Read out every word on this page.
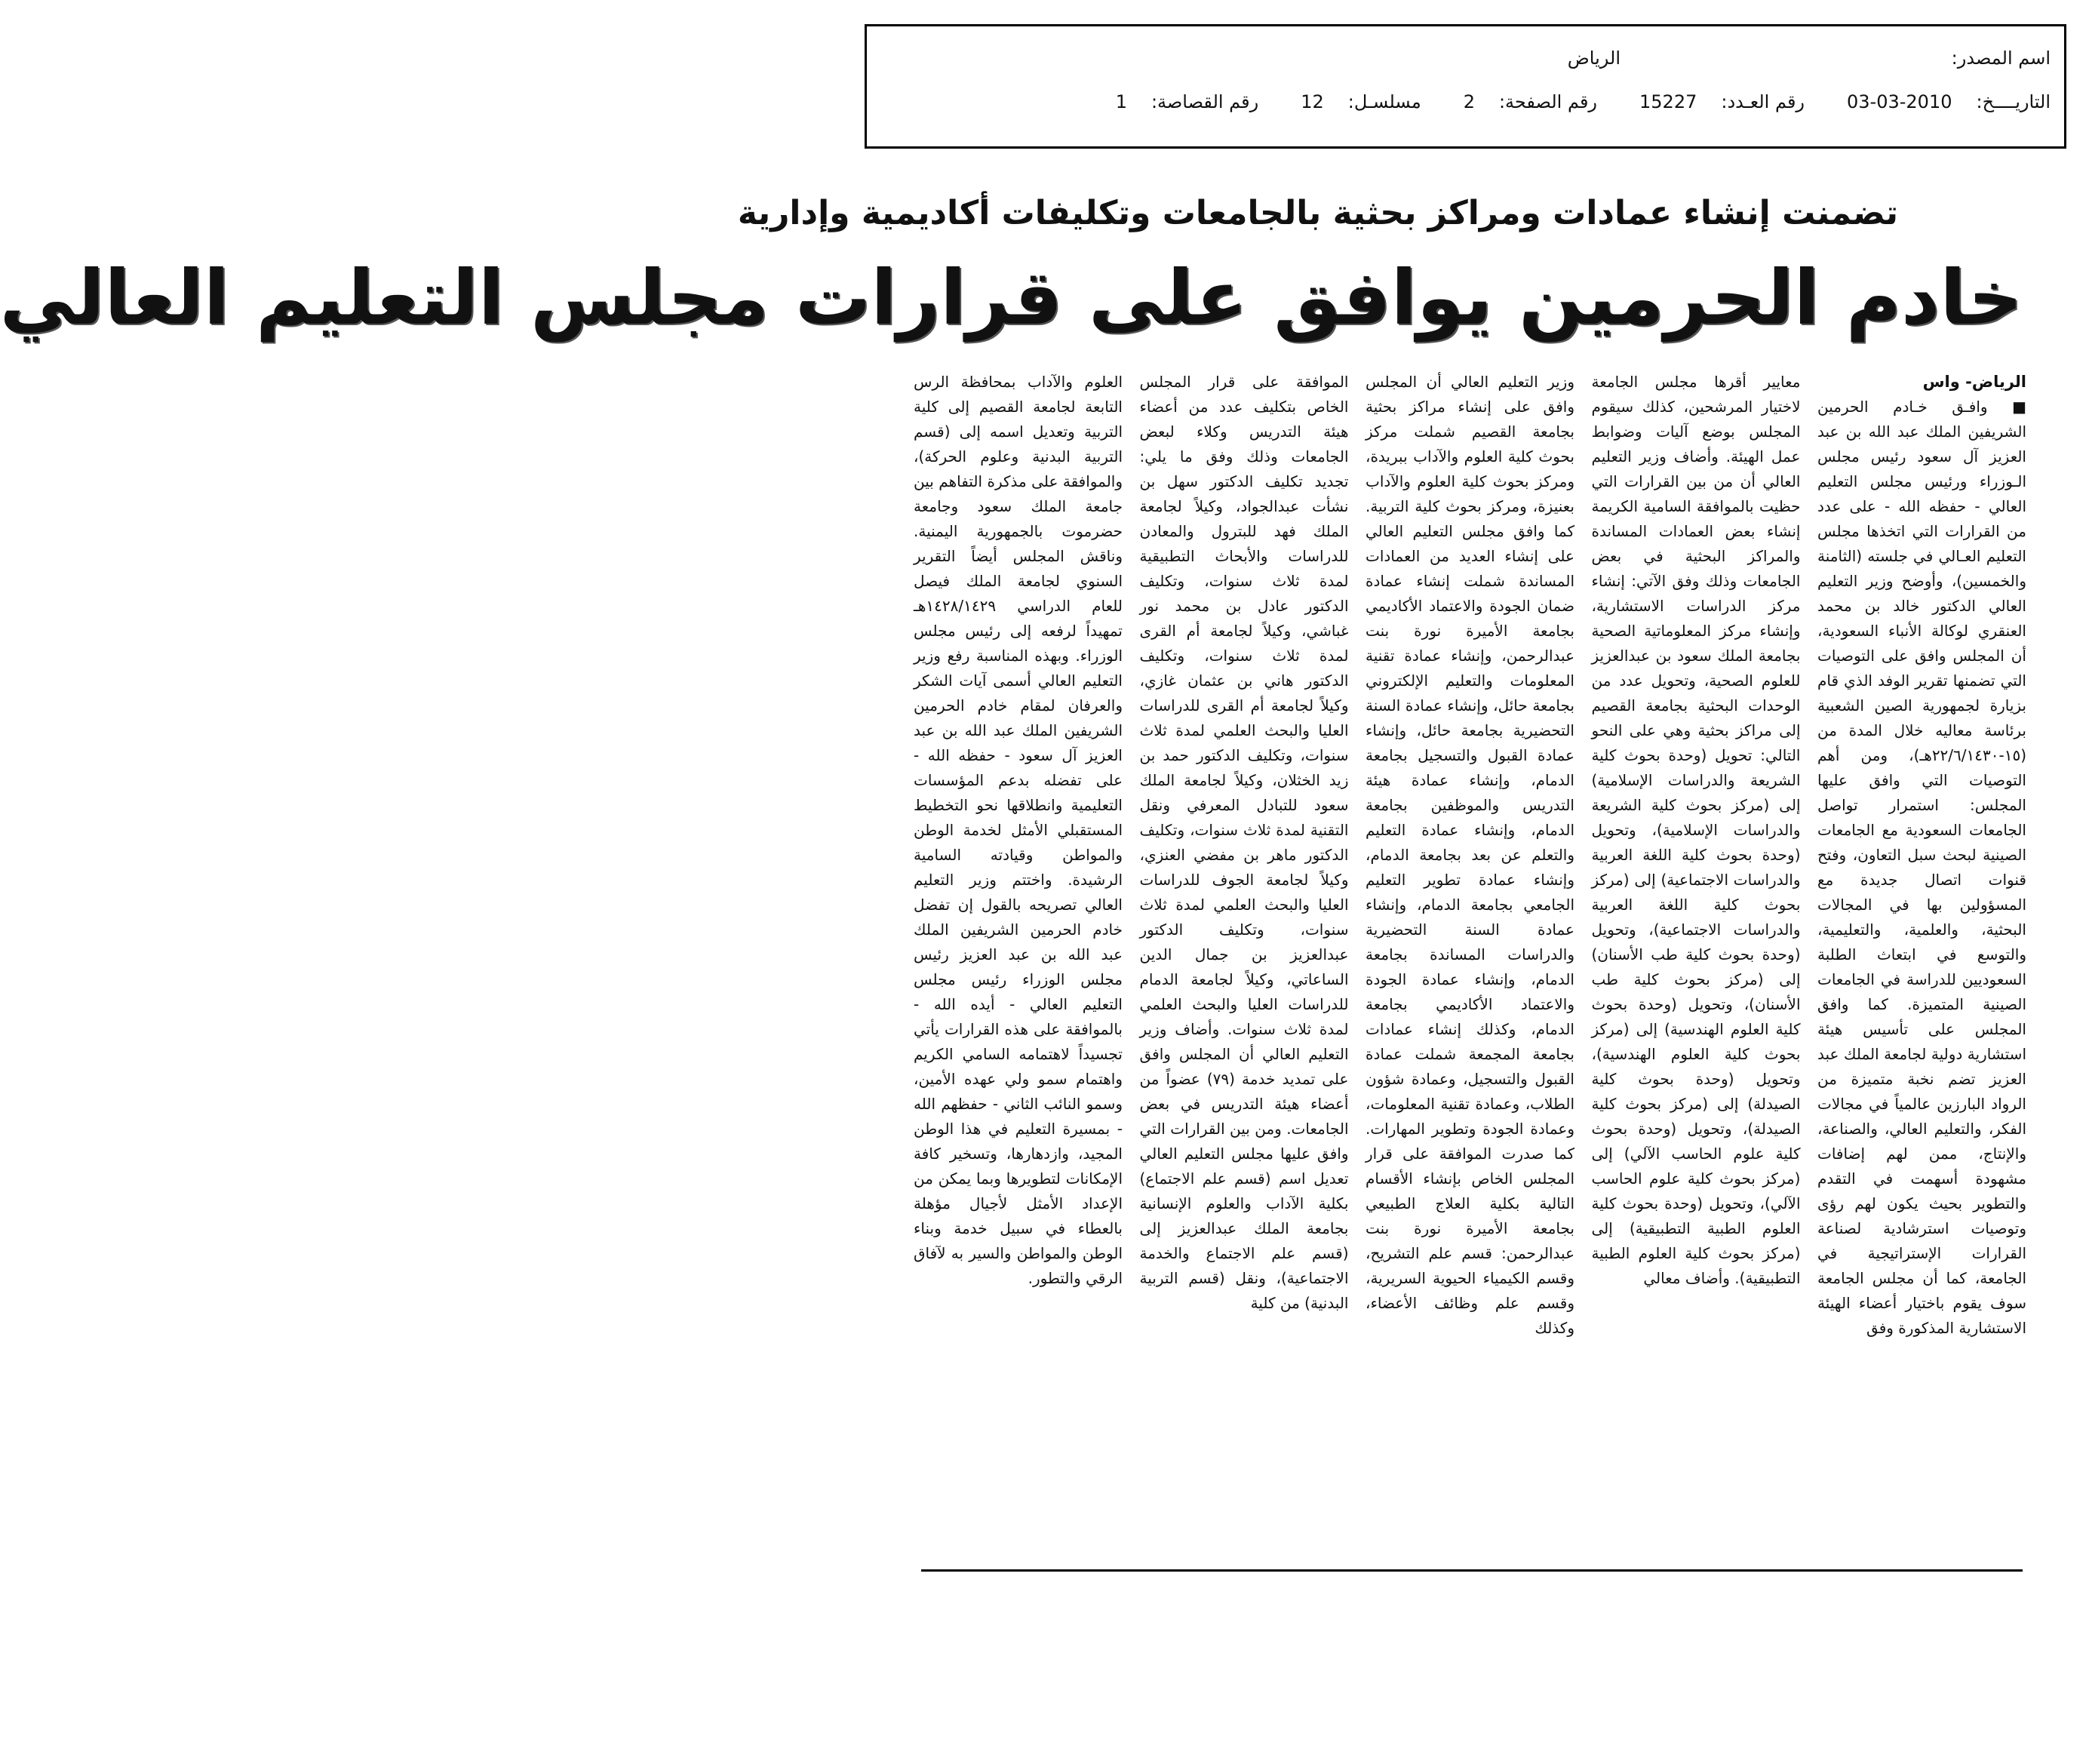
اسم المصدر:
الرياض
التاريــــخ:
03-03-2010
رقم العـدد:
15227
رقم الصفحة:
2
مسلسـل:
12
رقم القصاصة:
1
تضمنت إنشاء عمادات ومراكز بحثية بالجامعات وتكليفات أكاديمية وإدارية
خادم الحرمين يوافق على قرارات مجلس التعليم العالي
الرياض- واس
■ وافـق خـادم الحرمين الشريفين الملك عبد الله بن عبد العزيز آل سعود رئيس مجلس الـوزراء ورئيس مجلس التعليم العالي - حفظه الله - على عدد من القرارات التي اتخذها مجلس التعليم العـالي في جلسته (الثامنة والخمسين)، وأوضح وزير التعليم العالي الدكتور خالد بن محمد العنقري لوكالة الأنباء السعودية، أن المجلس وافق على التوصيات التي تضمنها تقرير الوفد الذي قام بزيارة لجمهورية الصين الشعبية برئاسة معاليه خلال المدة من (١٥-٢٢/٦/١٤٣٠هـ)، ومن أهم التوصيات التي وافق عليها المجلس: استمرار تواصل الجامعات السعودية مع الجامعات الصينية لبحث سبل التعاون، وفتح قنوات اتصال جديدة مع المسؤولين بها في المجالات البحثية، والعلمية، والتعليمية، والتوسع في ابتعاث الطلبة السعوديين للدراسة في الجامعات الصينية المتميزة. كما وافق المجلس على تأسيس هيئة استشارية دولية لجامعة الملك عبد العزيز تضم نخبة متميزة من الرواد البارزين عالمياً في مجالات الفكر، والتعليم العالي، والصناعة، والإنتاج، ممن لهم إضافات مشهودة أسهمت في التقدم والتطوير بحيث يكون لهم رؤى وتوصيات استرشادية لصناعة القرارات الإستراتيجية في الجامعة، كما أن مجلس الجامعة سوف يقوم باختيار أعضاء الهيئة الاستشارية المذكورة وفق
معايير أقرها مجلس الجامعة لاختيار المرشحين، كذلك سيقوم المجلس بوضع آليات وضوابط عمل الهيئة. وأضاف وزير التعليم العالي أن من بين القرارات التي حظيت بالموافقة السامية الكريمة إنشاء بعض العمادات المساندة والمراكز البحثية في بعض الجامعات وذلك وفق الآتي: إنشاء مركز الدراسات الاستشارية، وإنشاء مركز المعلوماتية الصحية بجامعة الملك سعود بن عبدالعزيز للعلوم الصحية، وتحويل عدد من الوحدات البحثية بجامعة القصيم إلى مراكز بحثية وهي على النحو التالي: تحويل (وحدة بحوث كلية الشريعة والدراسات الإسلامية) إلى (مركز بحوث كلية الشريعة والدراسات الإسلامية)، وتحويل (وحدة بحوث كلية اللغة العربية والدراسات الاجتماعية) إلى (مركز بحوث كلية اللغة العربية والدراسات الاجتماعية)، وتحويل (وحدة بحوث كلية طب الأسنان) إلى (مركز بحوث كلية طب الأسنان)، وتحويل (وحدة بحوث كلية العلوم الهندسية) إلى (مركز بحوث كلية العلوم الهندسية)، وتحويل (وحدة بحوث كلية الصيدلة) إلى (مركز بحوث كلية الصيدلة)، وتحويل (وحدة بحوث كلية علوم الحاسب الآلي) إلى (مركز بحوث كلية علوم الحاسب الآلي)، وتحويل (وحدة بحوث كلية العلوم الطبية التطبيقية) إلى (مركز بحوث كلية العلوم الطبية التطبيقية). وأضاف معالي
وزير التعليم العالي أن المجلس وافق على إنشاء مراكز بحثية بجامعة القصيم شملت مركز بحوث كلية العلوم والآداب ببريدة، ومركز بحوث كلية العلوم والآداب بعنيزة، ومركز بحوث كلية التربية. كما وافق مجلس التعليم العالي على إنشاء العديد من العمادات المساندة شملت إنشاء عمادة ضمان الجودة والاعتماد الأكاديمي بجامعة الأميرة نورة بنت عبدالرحمن، وإنشاء عمادة تقنية المعلومات والتعليم الإلكتروني بجامعة حائل، وإنشاء عمادة السنة التحضيرية بجامعة حائل، وإنشاء عمادة القبول والتسجيل بجامعة الدمام، وإنشاء عمادة هيئة التدريس والموظفين بجامعة الدمام، وإنشاء عمادة التعليم والتعلم عن بعد بجامعة الدمام، وإنشاء عمادة تطوير التعليم الجامعي بجامعة الدمام، وإنشاء عمادة السنة التحضيرية والدراسات المساندة بجامعة الدمام، وإنشاء عمادة الجودة والاعتماد الأكاديمي بجامعة الدمام، وكذلك إنشاء عمادات بجامعة المجمعة شملت عمادة القبول والتسجيل، وعمادة شؤون الطلاب، وعمادة تقنية المعلومات، وعمادة الجودة وتطوير المهارات. كما صدرت الموافقة على قرار المجلس الخاص بإنشاء الأقسام التالية بكلية العلاج الطبيعي بجامعة الأميرة نورة بنت عبدالرحمن: قسم علم التشريح، وقسم الكيمياء الحيوية السريرية، وقسم علم وظائف الأعضاء، وكذلك
الموافقة على قرار المجلس الخاص بتكليف عدد من أعضاء هيئة التدريس وكلاء لبعض الجامعات وذلك وفق ما يلي: تجديد تكليف الدكتور سهل بن نشأت عبدالجواد، وكيلاً لجامعة الملك فهد للبترول والمعادن للدراسات والأبحاث التطبيقية لمدة ثلاث سنوات، وتكليف الدكتور عادل بن محمد نور غباشي، وكيلاً لجامعة أم القرى لمدة ثلاث سنوات، وتكليف الدكتور هاني بن عثمان غازي، وكيلاً لجامعة أم القرى للدراسات العليا والبحث العلمي لمدة ثلاث سنوات، وتكليف الدكتور حمد بن زيد الخثلان، وكيلاً لجامعة الملك سعود للتبادل المعرفي ونقل التقنية لمدة ثلاث سنوات، وتكليف الدكتور ماهر بن مفضي العنزي، وكيلاً لجامعة الجوف للدراسات العليا والبحث العلمي لمدة ثلاث سنوات، وتكليف الدكتور عبدالعزيز بن جمال الدين الساعاتي، وكيلاً لجامعة الدمام للدراسات العليا والبحث العلمي لمدة ثلاث سنوات. وأضاف وزير التعليم العالي أن المجلس وافق على تمديد خدمة (٧٩) عضواً من أعضاء هيئة التدريس في بعض الجامعات. ومن بين القرارات التي وافق عليها مجلس التعليم العالي تعديل اسم (قسم علم الاجتماع) بكلية الآداب والعلوم الإنسانية بجامعة الملك عبدالعزيز إلى (قسم علم الاجتماع والخدمة الاجتماعية)، ونقل (قسم التربية البدنية) من كلية
العلوم والآداب بمحافظة الرس التابعة لجامعة القصيم إلى كلية التربية وتعديل اسمه إلى (قسم التربية البدنية وعلوم الحركة)، والموافقة على مذكرة التفاهم بين جامعة الملك سعود وجامعة حضرموت بالجمهورية اليمنية. وناقش المجلس أيضاً التقرير السنوي لجامعة الملك فيصل للعام الدراسي ١٤٢٨/١٤٢٩هـ تمهيداً لرفعه إلى رئيس مجلس الوزراء. وبهذه المناسبة رفع وزير التعليم العالي أسمى آيات الشكر والعرفان لمقام خادم الحرمين الشريفين الملك عبد الله بن عبد العزيز آل سعود - حفظه الله - على تفضله بدعم المؤسسات التعليمية وانطلاقها نحو التخطيط المستقبلي الأمثل لخدمة الوطن والمواطن وقيادته السامية الرشيدة. واختتم وزير التعليم العالي تصريحه بالقول إن تفضل خادم الحرمين الشريفين الملك عبد الله بن عبد العزيز رئيس مجلس الوزراء رئيس مجلس التعليم العالي - أيده الله - بالموافقة على هذه القرارات يأتي تجسيداً لاهتمامه السامي الكريم واهتمام سمو ولي عهده الأمين، وسمو النائب الثاني - حفظهم الله - بمسيرة التعليم في هذا الوطن المجيد، وازدهارها، وتسخير كافة الإمكانات لتطويرها وبما يمكن من الإعداد الأمثل لأجيال مؤهلة بالعطاء في سبيل خدمة وبناء الوطن والمواطن والسير به لآفاق الرقي والتطور.
